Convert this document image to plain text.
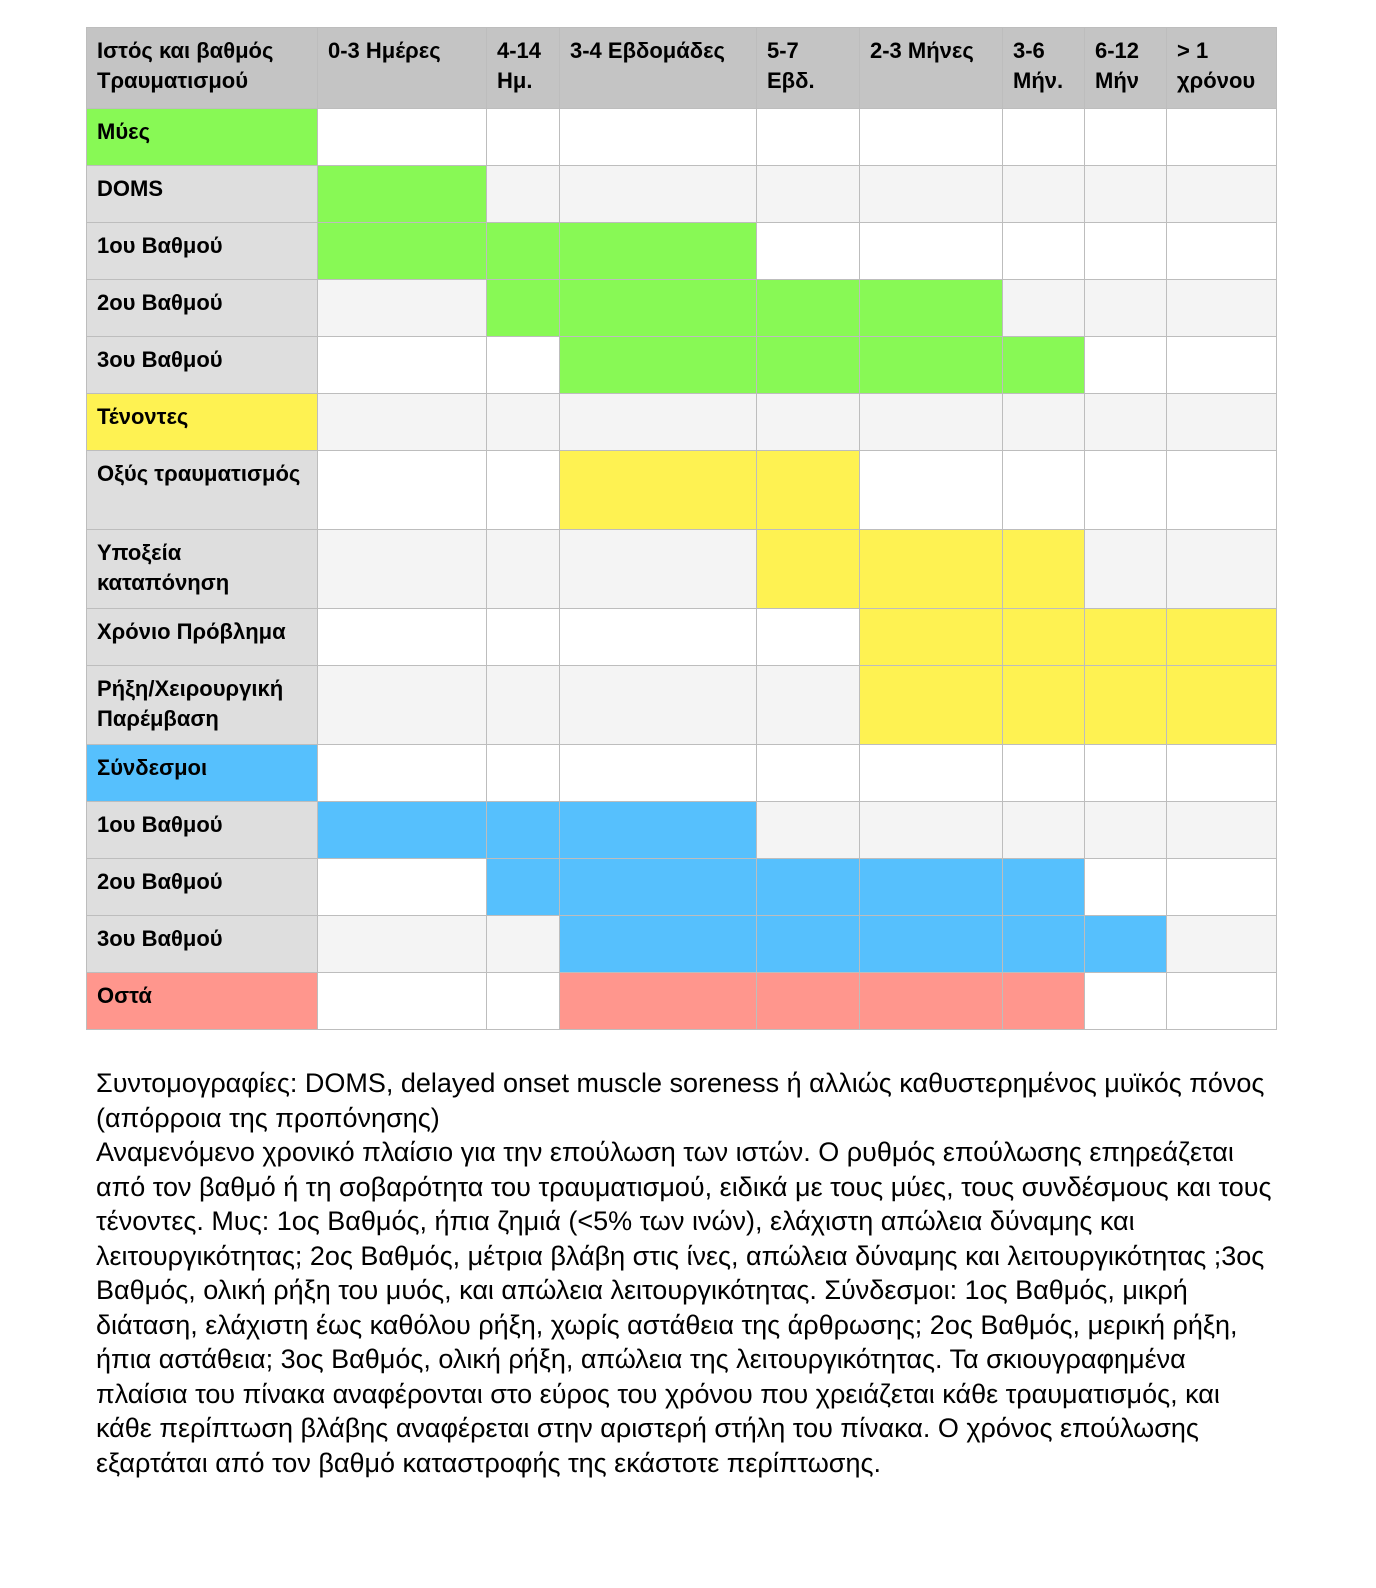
Ιστός και βαθμός Τραυματισμού	0-3 Ημέρες	4-14 Ημ.	3-4 Εβδομάδες	5-7 Εβδ.	2-3 Μήνες	3-6 Μήν.	6-12 Μήν	> 1 χρόνου
Μύες								
DOMS								
1ου Βαθμού								
2ου Βαθμού								
3ου Βαθμού								
Τένοντες								
Οξύς τραυματισμός								
Υποξεία καταπόνηση								
Χρόνιο Πρόβλημα								
Ρήξη/Χειρουργική Παρέμβαση								
Σύνδεσμοι								
1ου Βαθμού								
2ου Βαθμού								
3ου Βαθμού								
Οστά								
Συντομογραφίες: DOMS, delayed onset muscle soreness ή αλλιώς καθυστερημένος μυϊκός πόνος (απόρροια της προπόνησης)
Αναμενόμενο χρονικό πλαίσιο για την επούλωση των ιστών. Ο ρυθμός επούλωσης επηρεάζεται από τον βαθμό ή τη σοβαρότητα του τραυματισμού, ειδικά με τους μύες, τους συνδέσμους και τους τένοντες. Μυς: 1ος Βαθμός, ήπια ζημιά (<5% των ινών), ελάχιστη απώλεια δύναμης και λειτουργικότητας; 2ος Βαθμός, μέτρια βλάβη στις ίνες, απώλεια δύναμης και λειτουργικότητας ;3ος Βαθμός, ολική ρήξη του μυός, και απώλεια λειτουργικότητας. Σύνδεσμοι: 1ος Βαθμός, μικρή διάταση, ελάχιστη έως καθόλου ρήξη, χωρίς αστάθεια της άρθρωσης; 2ος Βαθμός, μερική ρήξη, ήπια αστάθεια; 3ος Βαθμός, ολική ρήξη, απώλεια της λειτουργικότητας. Τα σκιουγραφημένα πλαίσια του πίνακα αναφέρονται στο εύρος του χρόνου που χρειάζεται κάθε τραυματισμός, και κάθε περίπτωση βλάβης αναφέρεται στην αριστερή στήλη του πίνακα. Ο χρόνος επούλωσης εξαρτάται από τον βαθμό καταστροφής της εκάστοτε περίπτωσης.
